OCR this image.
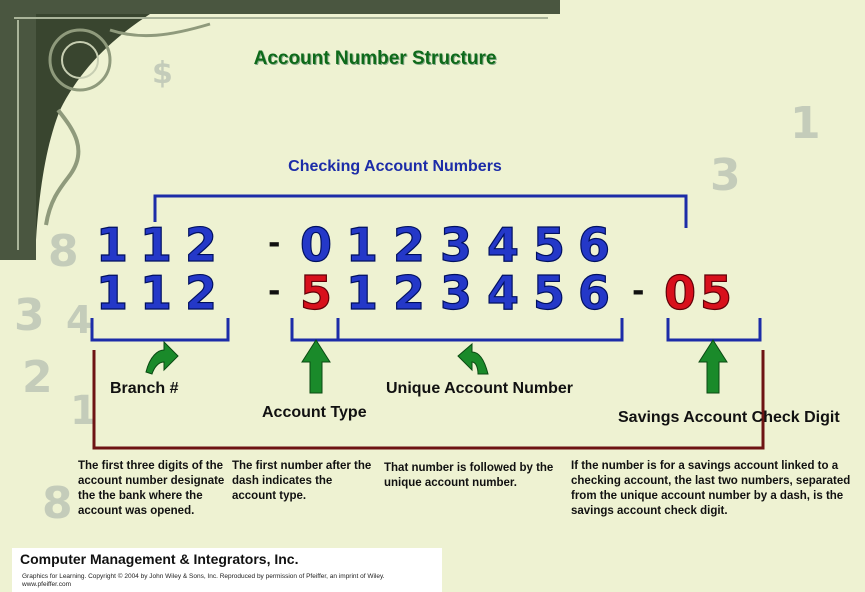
$
1
3
8
3 4
2
1
8
Account Number Structure
Checking Account Numbers
1 1 2 - 0 1 2 3 4 5 6
1 1 2 - 5 1 2 3 4 5 6 - 0 5
Branch #
Account Type
Unique Account Number
Savings Account Check Digit
The first three digits of the account number designate the the bank where the account was opened.
The first number after the dash indicates the account type.
That number is followed by the unique account number.
If the number is for a savings account linked to a checking account, the last two numbers, separated from the unique account number by a dash, is the savings account check digit.
Computer Management & Integrators, Inc.
Graphics for Learning. Copyright © 2004 by John Wiley & Sons, Inc. Reproduced by permission of Pfeiffer, an imprint of Wiley.
www.pfeiffer.com
